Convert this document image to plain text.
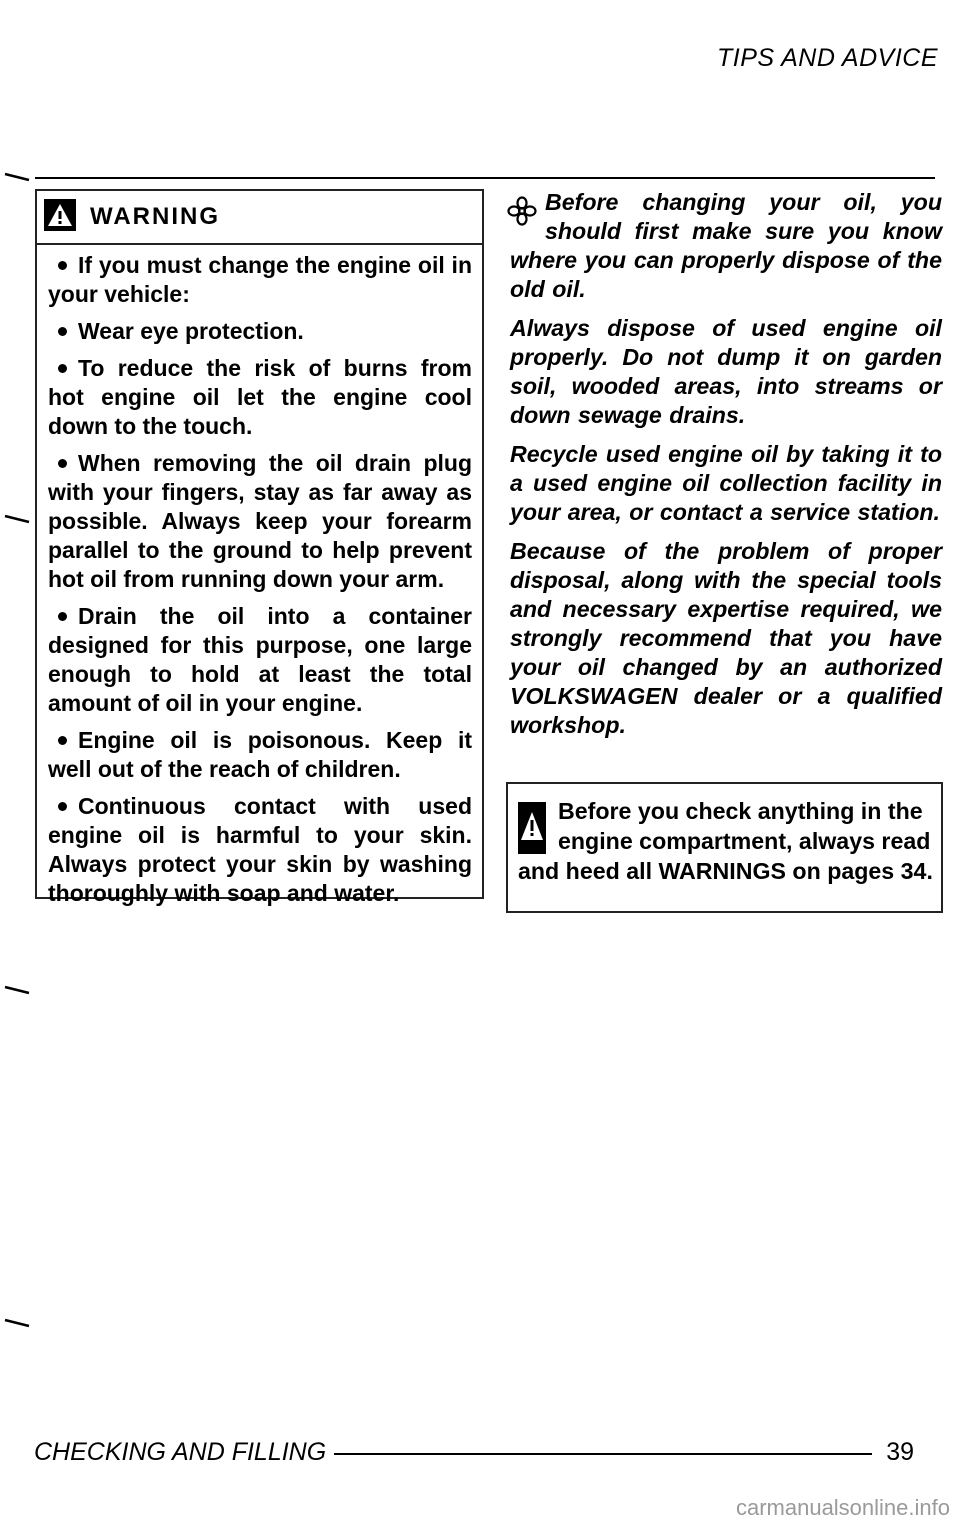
TIPS AND ADVICE
WARNING

If you must change the engine oil in your vehicle:

Wear eye protection.

To reduce the risk of burns from hot engine oil let the engine cool down to the touch.

When removing the oil drain plug with your fingers, stay as far away as possible. Always keep your forearm parallel to the ground to help prevent hot oil from running down your arm.

Drain the oil into a container designed for this purpose, one large enough to hold at least the total amount of oil in your engine.

Engine oil is poisonous. Keep it well out of the reach of children.

Continuous contact with used engine oil is harmful to your skin. Always protect your skin by washing thoroughly with soap and water.

Before changing your oil, you should first make sure you know where you can properly dispose of the old oil.

Always dispose of used engine oil properly. Do not dump it on garden soil, wooded areas, into streams or down sewage drains.

Recycle used engine oil by taking it to a used engine oil collection facility in your area, or contact a service station.

Because of the problem of proper disposal, along with the special tools and necessary expertise required, we strongly recommend that you have your oil changed by an authorized VOLKSWAGEN dealer or a qualified workshop.

Before you check anything in the engine compartment, always read and heed all WARNINGS on pages 34.

CHECKING AND FILLING	39
carmanualsonline.info
